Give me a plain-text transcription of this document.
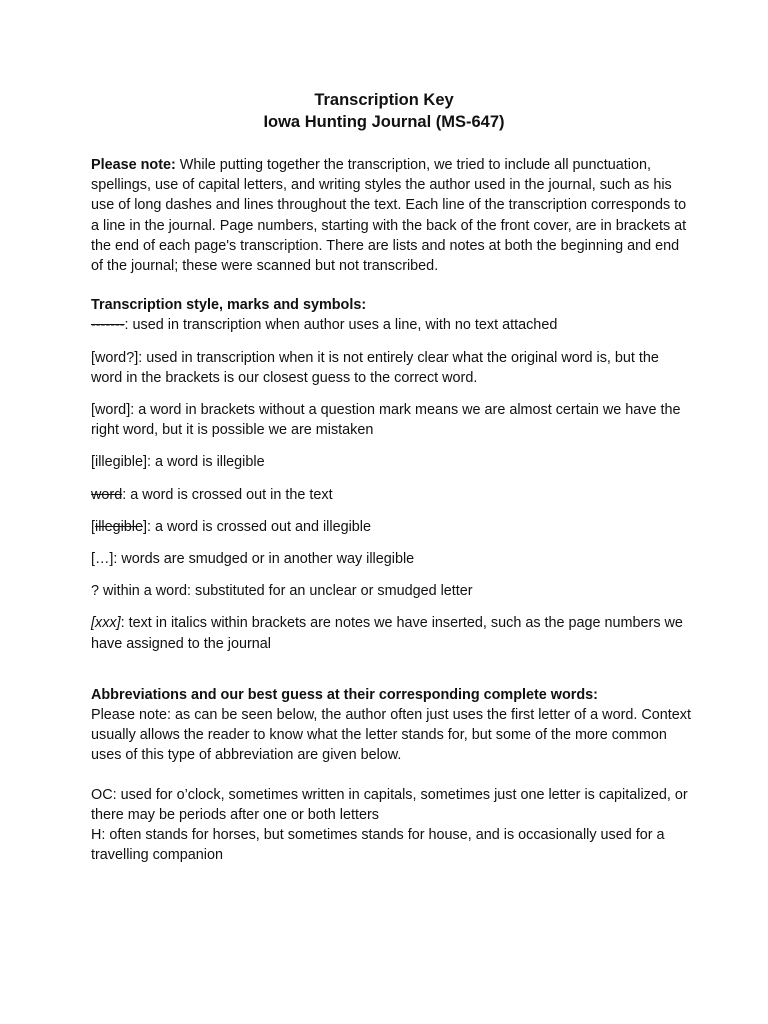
Transcription Key
Iowa Hunting Journal (MS-647)

Please note: While putting together the transcription, we tried to include all punctuation, spellings, use of capital letters, and writing styles the author used in the journal, such as his use of long dashes and lines throughout the text. Each line of the transcription corresponds to a line in the journal. Page numbers, starting with the back of the front cover, are in brackets at the end of each page's transcription. There are lists and notes at both the beginning and end of the journal; these were scanned but not transcribed.

Transcription style, marks and symbols:

-------: used in transcription when author uses a line, with no text attached

[word?]: used in transcription when it is not entirely clear what the original word is, but the word in the brackets is our closest guess to the correct word.

[word]: a word in brackets without a question mark means we are almost certain we have the right word, but it is possible we are mistaken

[illegible]: a word is illegible

word: a word is crossed out in the text

[illegible]: a word is crossed out and illegible

[…]: words are smudged or in another way illegible

? within a word: substituted for an unclear or smudged letter

[xxx]: text in italics within brackets are notes we have inserted, such as the page numbers we have assigned to the journal

Abbreviations and our best guess at their corresponding complete words:

Please note: as can be seen below, the author often just uses the first letter of a word. Context usually allows the reader to know what the letter stands for, but some of the more common uses of this type of abbreviation are given below.

OC: used for o’clock, sometimes written in capitals, sometimes just one letter is capitalized, or there may be periods after one or both letters

H: often stands for horses, but sometimes stands for house, and is occasionally used for a travelling companion
